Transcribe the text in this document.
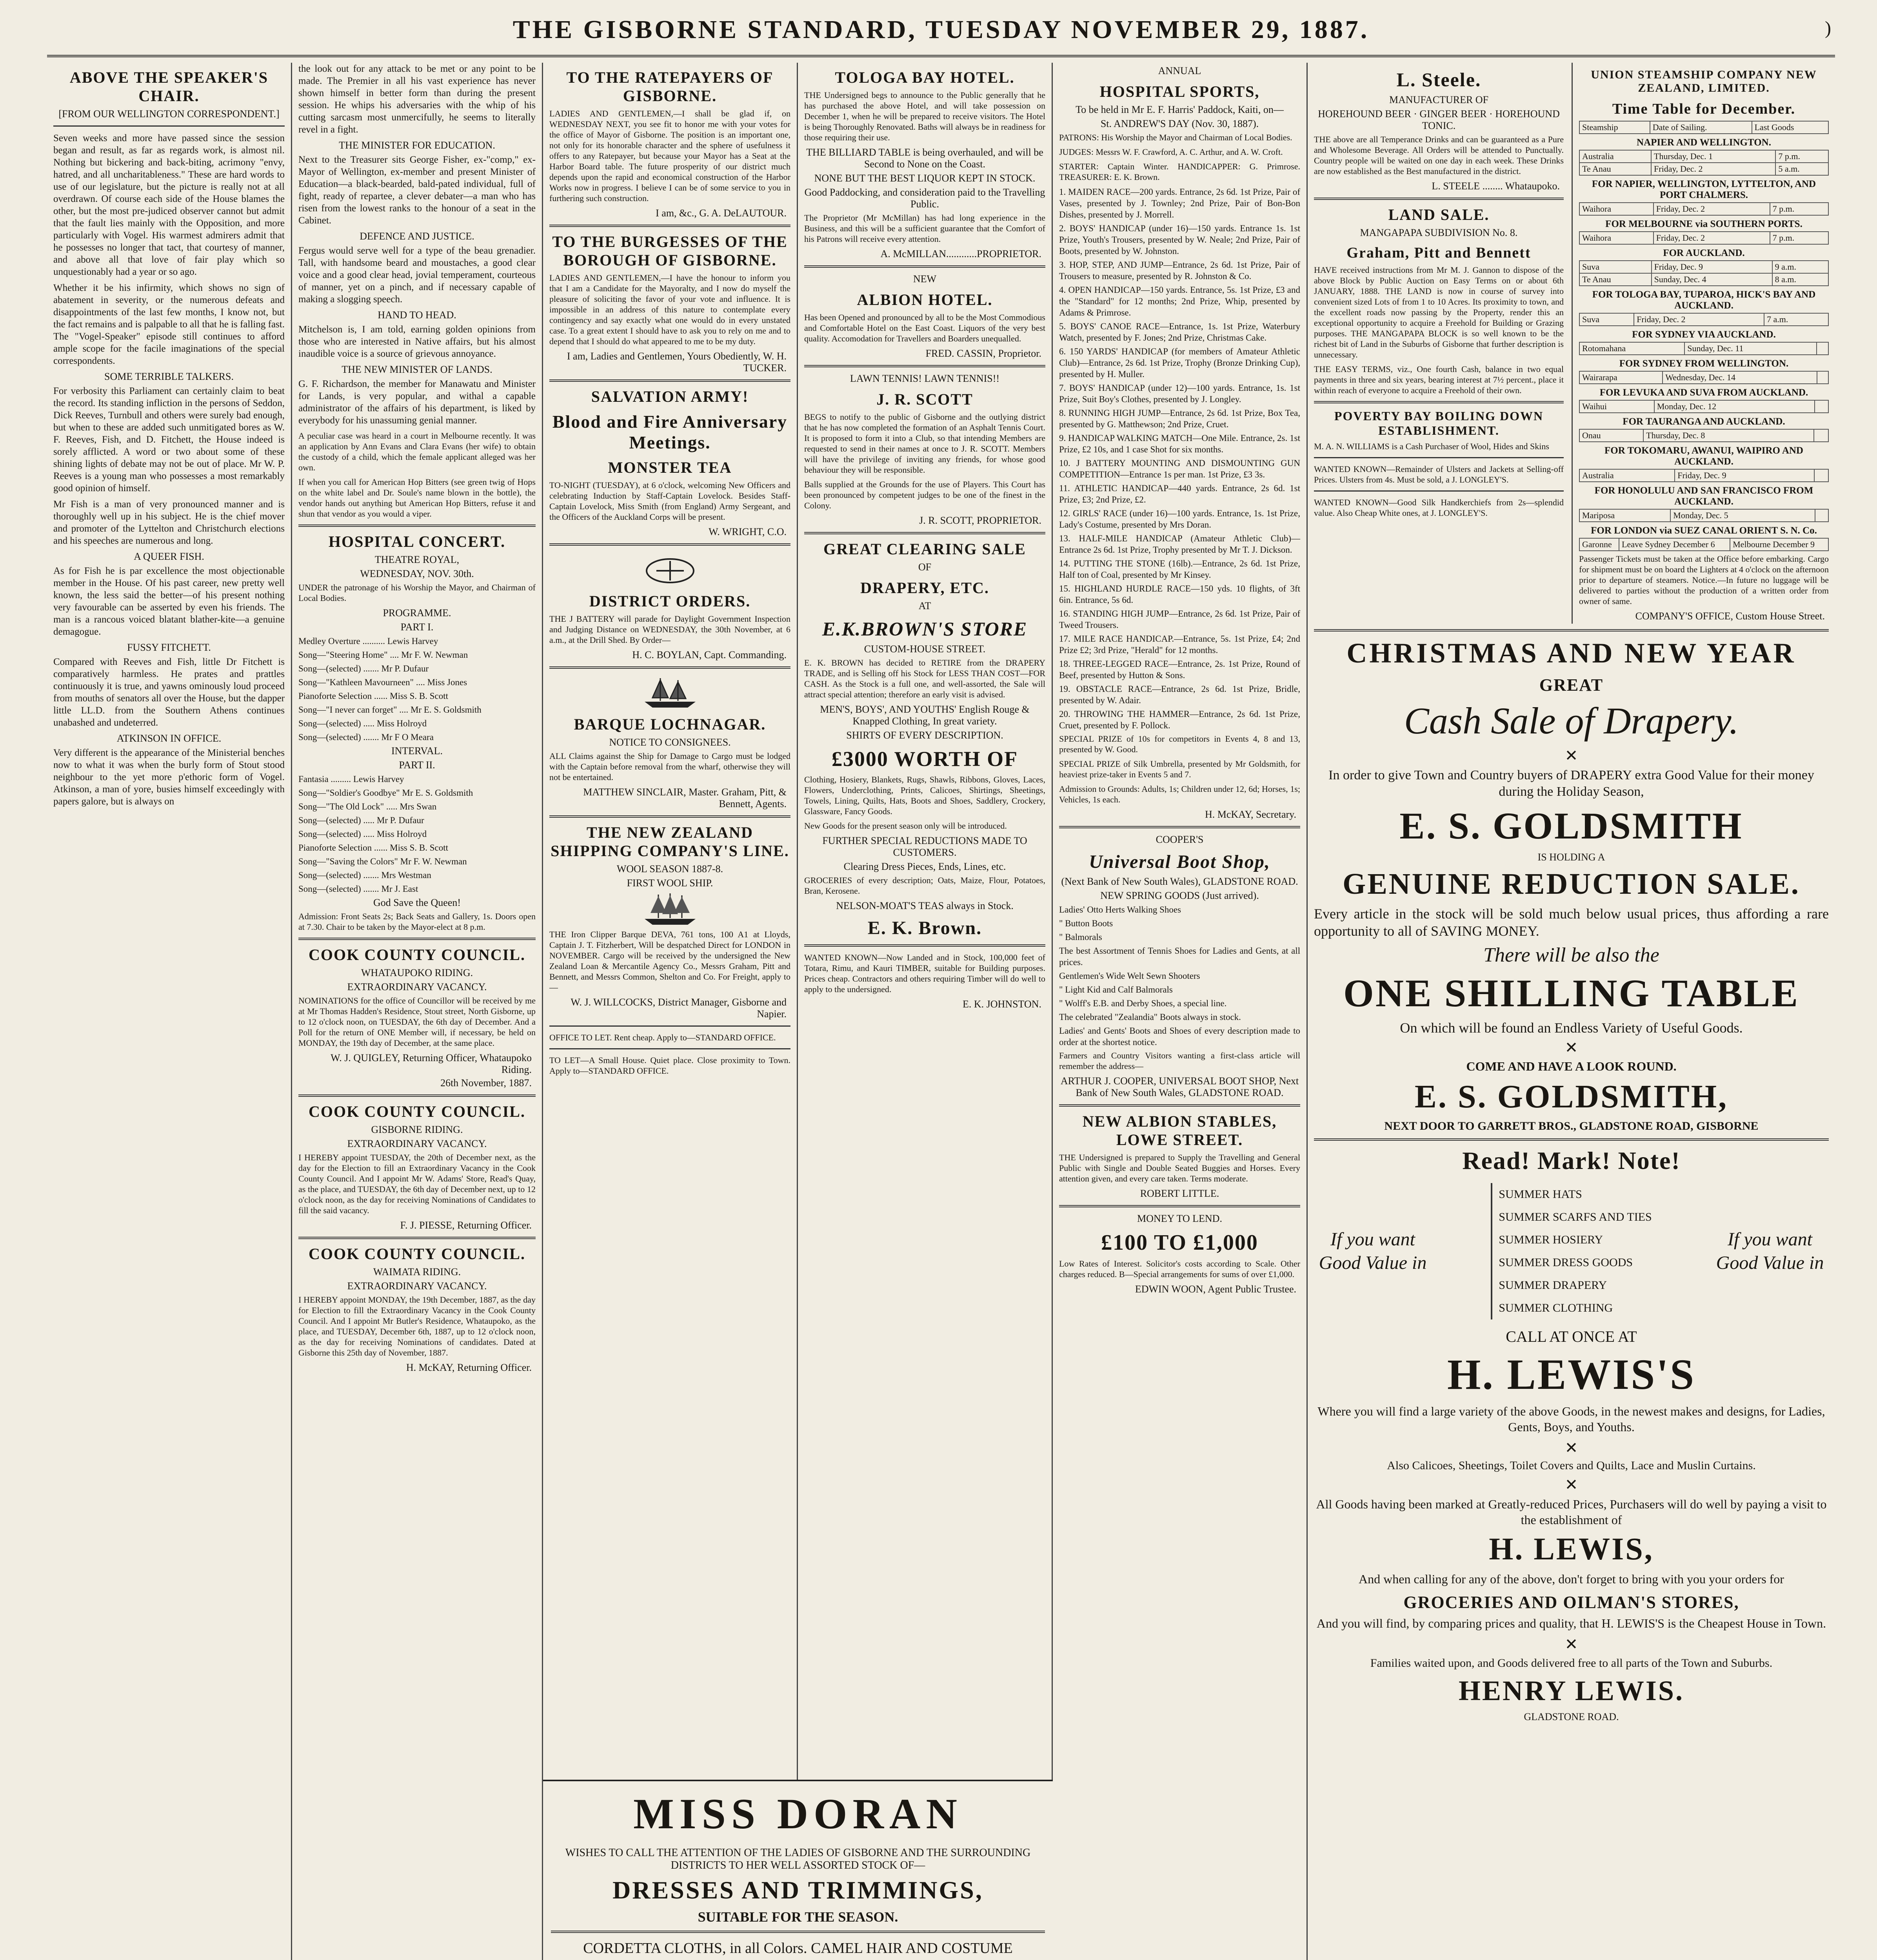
THE GISBORNE STANDARD, TUESDAY NOVEMBER 29, 1887.	)
ABOVE THE SPEAKER'S CHAIR.
[FROM OUR WELLINGTON CORRESPONDENT.]

Seven weeks and more have passed since the session began and result, as far as regards work, is almost nil. Nothing but bickering and back-biting, acrimony "envy, hatred, and all uncharitableness." These are hard words to use of our legislature, but the picture is really not at all overdrawn. Of course each side of the House blames the other, but the most pre-judiced observer cannot but admit that the fault lies mainly with the Opposition, and more particularly with Vogel. His warmest admirers admit that he possesses no longer that tact, that courtesy of manner, and above all that love of fair play which so unquestionably had a year or so ago.

Whether it be his infirmity, which shows no sign of abatement in severity, or the numerous defeats and disappointments of the last few months, I know not, but the fact remains and is palpable to all that he is falling fast. The "Vogel-Speaker" episode still continues to afford ample scope for the facile imaginations of the special correspondents.

SOME TERRIBLE TALKERS.

For verbosity this Parliament can certainly claim to beat the record. Its standing infliction in the persons of Seddon, Dick Reeves, Turnbull and others were surely bad enough, but when to these are added such unmitigated bores as W. F. Reeves, Fish, and D. Fitchett, the House indeed is sorely afflicted. A word or two about some of these shining lights of debate may not be out of place. Mr W. P. Reeves is a young man who possesses a most remarkably good opinion of himself.

Mr Fish is a man of very pronounced manner and is thoroughly well up in his subject. He is the chief mover and promoter of the Lyttelton and Christchurch elections and his speeches are numerous and long.

A QUEER FISH.

As for Fish he is par excellence the most objectionable member in the House. Of his past career, new pretty well known, the less said the better—of his present nothing very favourable can be asserted by even his friends. The man is a rancous voiced blatant blather-kite—a genuine demagogue.

FUSSY FITCHETT.

Compared with Reeves and Fish, little Dr Fitchett is comparatively harmless. He prates and prattles continuously it is true, and yawns ominously loud proceed from mouths of senators all over the House, but the dapper little LL.D. from the Southern Athens continues unabashed and undeterred.

ATKINSON IN OFFICE.

Very different is the appearance of the Ministerial benches now to what it was when the burly form of Stout stood neighbour to the yet more p'ethoric form of Vogel. Atkinson, a man of yore, busies himself exceedingly with papers galore, but is always on

the look out for any attack to be met or any point to be made. The Premier in all his vast experience has never shown himself in better form than during the present session. He whips his adversaries with the whip of his cutting sarcasm most unmercifully, he seems to literally revel in a fight.

THE MINISTER FOR EDUCATION.

Next to the Treasurer sits George Fisher, ex-"comp," ex-Mayor of Wellington, ex-member and present Minister of Education—a black-bearded, bald-pated individual, full of fight, ready of repartee, a clever debater—a man who has risen from the lowest ranks to the honour of a seat in the Cabinet.

DEFENCE AND JUSTICE.

Fergus would serve well for a type of the beau grenadier. Tall, with handsome beard and moustaches, a good clear voice and a good clear head, jovial temperament, courteous of manner, yet on a pinch, and if necessary capable of making a slogging speech.

HAND TO HEAD.

Mitchelson is, I am told, earning golden opinions from those who are interested in Native affairs, but his almost inaudible voice is a source of grievous annoyance.

THE NEW MINISTER OF LANDS.

G. F. Richardson, the member for Manawatu and Minister for Lands, is very popular, and withal a capable administrator of the affairs of his department, is liked by everybody for his unassuming genial manner.

A peculiar case was heard in a court in Melbourne recently. It was an application by Ann Evans and Clara Evans (her wife) to obtain the custody of a child, which the female applicant alleged was her own.

If when you call for American Hop Bitters (see green twig of Hops on the white label and Dr. Soule's name blown in the bottle), the vendor hands out anything but American Hop Bitters, refuse it and shun that vendor as you would a viper.

HOSPITAL CONCERT.
THEATRE ROYAL,
WEDNESDAY, NOV. 30th.

UNDER the patronage of his Worship the Mayor, and Chairman of Local Bodies.

PROGRAMME.
PART I.
Medley Overture .......... Lewis Harvey
Song—"Steering Home" .... Mr F. W. Newman
Song—(selected) ....... Mr P. Dufaur
Song—"Kathleen Mavourneen" .... Miss Jones
Pianoforte Selection ...... Miss S. B. Scott
Song—"I never can forget" .... Mr E. S. Goldsmith
Song—(selected) ..... Miss Holroyd
Song—(selected) ....... Mr F O Meara
INTERVAL.
PART II.
Fantasia ......... Lewis Harvey
Song—"Soldier's Goodbye" Mr E. S. Goldsmith
Song—"The Old Lock" ..... Mrs Swan
Song—(selected) ..... Mr P. Dufaur
Song—(selected) ..... Miss Holroyd
Pianoforte Selection ...... Miss S. B. Scott
Song—"Saving the Colors" Mr F. W. Newman
Song—(selected) ....... Mrs Westman
Song—(selected) ....... Mr J. East
God Save the Queen!

Admission: Front Seats 2s; Back Seats and Gallery, 1s. Doors open at 7.30. Chair to be taken by the Mayor-elect at 8 p.m.

COOK COUNTY COUNCIL.
WHATAUPOKO RIDING.
EXTRAORDINARY VACANCY.

NOMINATIONS for the office of Councillor will be received by me at Mr Thomas Hadden's Residence, Stout street, North Gisborne, up to 12 o'clock noon, on TUESDAY, the 6th day of December. And a Poll for the return of ONE Member will, if necessary, be held on MONDAY, the 19th day of December, at the same place.

W. J. QUIGLEY, Returning Officer, Whataupoko Riding.
26th November, 1887.
COOK COUNTY COUNCIL.
GISBORNE RIDING.
EXTRAORDINARY VACANCY.

I HEREBY appoint TUESDAY, the 20th of December next, as the day for the Election to fill an Extraordinary Vacancy in the Cook County Council. And I appoint Mr W. Adams' Store, Read's Quay, as the place, and TUESDAY, the 6th day of December next, up to 12 o'clock noon, as the day for receiving Nominations of Candidates to fill the said vacancy.

F. J. PIESSE, Returning Officer.
COOK COUNTY COUNCIL.
WAIMATA RIDING.
EXTRAORDINARY VACANCY.

I HEREBY appoint MONDAY, the 19th December, 1887, as the day for Election to fill the Extraordinary Vacancy in the Cook County Council. And I appoint Mr Butler's Residence, Whataupoko, as the place, and TUESDAY, December 6th, 1887, up to 12 o'clock noon, as the day for receiving Nominations of candidates. Dated at Gisborne this 25th day of November, 1887.

H. McKAY, Returning Officer.
TO THE RATEPAYERS OF GISBORNE.

LADIES AND GENTLEMEN,—I shall be glad if, on WEDNESDAY NEXT, you see fit to honor me with your votes for the office of Mayor of Gisborne. The position is an important one, not only for its honorable character and the sphere of usefulness it offers to any Ratepayer, but because your Mayor has a Seat at the Harbor Board table. The future prosperity of our district much depends upon the rapid and economical construction of the Harbor Works now in progress. I believe I can be of some service to you in furthering such construction.

I am, &c., G. A. DeLAUTOUR.
TO THE BURGESSES OF THE BOROUGH OF GISBORNE.

LADIES AND GENTLEMEN,—I have the honour to inform you that I am a Candidate for the Mayoralty, and I now do myself the pleasure of soliciting the favor of your vote and influence. It is impossible in an address of this nature to contemplate every contingency and say exactly what one would do in every unstated case. To a great extent I should have to ask you to rely on me and to depend that I should do what appeared to me to be my duty.

I am, Ladies and Gentlemen, Yours Obediently, W. H. TUCKER.
SALVATION ARMY!
Blood and Fire Anniversary Meetings.
MONSTER TEA

TO-NIGHT (TUESDAY), at 6 o'clock, welcoming New Officers and celebrating Induction by Staff-Captain Lovelock. Besides Staff-Captain Lovelock, Miss Smith (from England) Army Sergeant, and the Officers of the Auckland Corps will be present.

W. WRIGHT, C.O.
DISTRICT ORDERS.

THE J BATTERY will parade for Daylight Government Inspection and Judging Distance on WEDNESDAY, the 30th November, at 6 a.m., at the Drill Shed. By Order—

H. C. BOYLAN, Capt. Commanding.
BARQUE LOCHNAGAR.
NOTICE TO CONSIGNEES.

ALL Claims against the Ship for Damage to Cargo must be lodged with the Captain before removal from the wharf, otherwise they will not be entertained.

MATTHEW SINCLAIR, Master. Graham, Pitt, & Bennett, Agents.
THE NEW ZEALAND SHIPPING COMPANY'S LINE.
WOOL SEASON 1887-8.
FIRST WOOL SHIP.

THE Iron Clipper Barque DEVA, 761 tons, 100 A1 at Lloyds, Captain J. T. Fitzherbert, Will be despatched Direct for LONDON in NOVEMBER. Cargo will be received by the undersigned the New Zealand Loan & Mercantile Agency Co., Messrs Graham, Pitt and Bennett, and Messrs Common, Shelton and Co. For Freight, apply to—

W. J. WILLCOCKS, District Manager, Gisborne and Napier.

OFFICE TO LET. Rent cheap. Apply to—STANDARD OFFICE.

TO LET—A Small House. Quiet place. Close proximity to Town. Apply to—STANDARD OFFICE.

TOLOGA BAY HOTEL.

THE Undersigned begs to announce to the Public generally that he has purchased the above Hotel, and will take possession on December 1, when he will be prepared to receive visitors. The Hotel is being Thoroughly Renovated. Baths will always be in readiness for those requiring their use.

THE BILLIARD TABLE is being overhauled, and will be Second to None on the Coast.
NONE BUT THE BEST LIQUOR KEPT IN STOCK.
Good Paddocking, and consideration paid to the Travelling Public.

The Proprietor (Mr McMillan) has had long experience in the Business, and this will be a sufficient guarantee that the Comfort of his Patrons will receive every attention.

A. McMILLAN............PROPRIETOR.
NEW
ALBION HOTEL.

Has been Opened and pronounced by all to be the Most Commodious and Comfortable Hotel on the East Coast. Liquors of the very best quality. Accomodation for Travellers and Boarders unequalled.

FRED. CASSIN, Proprietor.
LAWN TENNIS! LAWN TENNIS!!
J. R. SCOTT

BEGS to notify to the public of Gisborne and the outlying district that he has now completed the formation of an Asphalt Tennis Court. It is proposed to form it into a Club, so that intending Members are requested to send in their names at once to J. R. SCOTT. Members will have the privilege of inviting any friends, for whose good behaviour they will be responsible.

Balls supplied at the Grounds for the use of Players. This Court has been pronounced by competent judges to be one of the finest in the Colony.

J. R. SCOTT, PROPRIETOR.
GREAT CLEARING SALE
OF
DRAPERY, ETC.
AT
E.K.BROWN'S STORE
CUSTOM-HOUSE STREET.

E. K. BROWN has decided to RETIRE from the DRAPERY TRADE, and is Selling off his Stock for LESS THAN COST—FOR CASH. As the Stock is a full one, and well-assorted, the Sale will attract special attention; therefore an early visit is advised.

MEN'S, BOYS', AND YOUTHS' English Rouge & Knapped Clothing, In great variety.
SHIRTS OF EVERY DESCRIPTION.
£3000 WORTH OF

Clothing, Hosiery, Blankets, Rugs, Shawls, Ribbons, Gloves, Laces, Flowers, Underclothing, Prints, Calicoes, Shirtings, Sheetings, Towels, Lining, Quilts, Hats, Boots and Shoes, Saddlery, Crockery, Glassware, Fancy Goods.

New Goods for the present season only will be introduced.

FURTHER SPECIAL REDUCTIONS MADE TO CUSTOMERS.
Clearing Dress Pieces, Ends, Lines, etc.

GROCERIES of every description; Oats, Maize, Flour, Potatoes, Bran, Kerosene.

NELSON-MOAT'S TEAS always in Stock.
E. K. Brown.

WANTED KNOWN—Now Landed and in Stock, 100,000 feet of Totara, Rimu, and Kauri TIMBER, suitable for Building purposes. Prices cheap. Contractors and others requiring Timber will do well to apply to the undersigned.

E. K. JOHNSTON.
ANNUAL
HOSPITAL SPORTS,
To be held in Mr E. F. Harris' Paddock, Kaiti, on—
St. ANDREW'S DAY (Nov. 30, 1887).

PATRONS: His Worship the Mayor and Chairman of Local Bodies.

JUDGES: Messrs W. F. Crawford, A. C. Arthur, and A. W. Croft.

STARTER: Captain Winter. HANDICAPPER: G. Primrose. TREASURER: E. K. Brown.

1. MAIDEN RACE—200 yards. Entrance, 2s 6d. 1st Prize, Pair of Vases, presented by J. Townley; 2nd Prize, Pair of Bon-Bon Dishes, presented by J. Morrell.
2. BOYS' HANDICAP (under 16)—150 yards. Entrance 1s. 1st Prize, Youth's Trousers, presented by W. Neale; 2nd Prize, Pair of Boots, presented by W. Johnston.
3. HOP, STEP, AND JUMP—Entrance, 2s 6d. 1st Prize, Pair of Trousers to measure, presented by R. Johnston & Co.
4. OPEN HANDICAP—150 yards. Entrance, 5s. 1st Prize, £3 and the "Standard" for 12 months; 2nd Prize, Whip, presented by Adams & Primrose.
5. BOYS' CANOE RACE—Entrance, 1s. 1st Prize, Waterbury Watch, presented by F. Jones; 2nd Prize, Christmas Cake.
6. 150 YARDS' HANDICAP (for members of Amateur Athletic Club)—Entrance, 2s 6d. 1st Prize, Trophy (Bronze Drinking Cup), presented by H. Muller.
7. BOYS' HANDICAP (under 12)—100 yards. Entrance, 1s. 1st Prize, Suit Boy's Clothes, presented by J. Longley.
8. RUNNING HIGH JUMP—Entrance, 2s 6d. 1st Prize, Box Tea, presented by G. Matthewson; 2nd Prize, Cruet.
9. HANDICAP WALKING MATCH—One Mile. Entrance, 2s. 1st Prize, £2 10s, and 1 case Shot for six months.
10. J BATTERY MOUNTING AND DISMOUNTING GUN COMPETITION—Entrance 1s per man. 1st Prize, £3 3s.
11. ATHLETIC HANDICAP—440 yards. Entrance, 2s 6d. 1st Prize, £3; 2nd Prize, £2.
12. GIRLS' RACE (under 16)—100 yards. Entrance, 1s. 1st Prize, Lady's Costume, presented by Mrs Doran.
13. HALF-MILE HANDICAP (Amateur Athletic Club)—Entrance 2s 6d. 1st Prize, Trophy presented by Mr T. J. Dickson.
14. PUTTING THE STONE (16lb).—Entrance, 2s 6d. 1st Prize, Half ton of Coal, presented by Mr Kinsey.
15. HIGHLAND HURDLE RACE—150 yds. 10 flights, of 3ft 6in. Entrance, 5s 6d.
16. STANDING HIGH JUMP—Entrance, 2s 6d. 1st Prize, Pair of Tweed Trousers.
17. MILE RACE HANDICAP.—Entrance, 5s. 1st Prize, £4; 2nd Prize £2; 3rd Prize, "Herald" for 12 months.
18. THREE-LEGGED RACE—Entrance, 2s. 1st Prize, Round of Beef, presented by Hutton & Sons.
19. OBSTACLE RACE—Entrance, 2s 6d. 1st Prize, Bridle, presented by W. Adair.
20. THROWING THE HAMMER—Entrance, 2s 6d. 1st Prize, Cruet, presented by F. Pollock.

SPECIAL PRIZE of 10s for competitors in Events 4, 8 and 13, presented by W. Good.

SPECIAL PRIZE of Silk Umbrella, presented by Mr Goldsmith, for heaviest prize-taker in Events 5 and 7.

Admission to Grounds: Adults, 1s; Children under 12, 6d; Horses, 1s; Vehicles, 1s each.

H. McKAY, Secretary.
COOPER'S
Universal Boot Shop,
(Next Bank of New South Wales), GLADSTONE ROAD.
NEW SPRING GOODS (Just arrived).
Ladies' Otto Herts Walking Shoes
" Button Boots
" Balmorals
The best Assortment of Tennis Shoes for Ladies and Gents, at all prices.
Gentlemen's Wide Welt Sewn Shooters
" Light Kid and Calf Balmorals
" Wolff's E.B. and Derby Shoes, a special line.
The celebrated "Zealandia" Boots always in stock.
Ladies' and Gents' Boots and Shoes of every description made to order at the shortest notice.

Farmers and Country Visitors wanting a first-class article will remember the address—

ARTHUR J. COOPER, UNIVERSAL BOOT SHOP, Next Bank of New South Wales, GLADSTONE ROAD.
NEW ALBION STABLES, LOWE STREET.

THE Undersigned is prepared to Supply the Travelling and General Public with Single and Double Seated Buggies and Horses. Every attention given, and every care taken. Terms moderate.

ROBERT LITTLE.
MONEY TO LEND.
£100 TO £1,000

Low Rates of Interest. Solicitor's costs according to Scale. Other charges reduced. B—Special arrangements for sums of over £1,000.

EDWIN WOON, Agent Public Trustee.
L. Steele.
MANUFACTURER OF
HOREHOUND BEER · GINGER BEER · HOREHOUND TONIC.

THE above are all Temperance Drinks and can be guaranteed as a Pure and Wholesome Beverage. All Orders will be attended to Punctually. Country people will be waited on one day in each week. These Drinks are now established as the Best manufactured in the district.

L. STEELE ........ Whataupoko.
LAND SALE.
MANGAPAPA SUBDIVISION No. 8.
Graham, Pitt and Bennett

HAVE received instructions from Mr M. J. Gannon to dispose of the above Block by Public Auction on Easy Terms on or about 6th JANUARY, 1888. THE LAND is now in course of survey into convenient sized Lots of from 1 to 10 Acres. Its proximity to town, and the excellent roads now passing by the Property, render this an exceptional opportunity to acquire a Freehold for Building or Grazing purposes. THE MANGAPAPA BLOCK is so well known to be the richest bit of Land in the Suburbs of Gisborne that further description is unnecessary.

THE EASY TERMS, viz., One fourth Cash, balance in two equal payments in three and six years, bearing interest at 7½ percent., place it within reach of everyone to acquire a Freehold of their own.

POVERTY BAY BOILING DOWN ESTABLISHMENT.

M. A. N. WILLIAMS is a Cash Purchaser of Wool, Hides and Skins

WANTED KNOWN—Remainder of Ulsters and Jackets at Selling-off Prices. Ulsters from 4s. Must be sold, a J. LONGLEY'S.

WANTED KNOWN—Good Silk Handkerchiefs from 2s—splendid value. Also Cheap White ones, at J. LONGLEY'S.

UNION STEAMSHIP COMPANY NEW ZEALAND, LIMITED.
Time Table for December.
Steamship	Date of Sailing.	Last Goods
NAPIER AND WELLINGTON.
Australia	Thursday, Dec. 1	7 p.m.
Te Anau	Friday, Dec. 2	5 a.m.
FOR NAPIER, WELLINGTON, LYTTELTON, AND PORT CHALMERS.
Waihora	Friday, Dec. 2	7 p.m.
FOR MELBOURNE via SOUTHERN PORTS.
Waihora	Friday, Dec. 2	7 p.m.
FOR AUCKLAND.
Suva	Friday, Dec. 9	9 a.m.
Te Anau	Sunday, Dec. 4	8 a.m.
FOR TOLOGA BAY, TUPAROA, HICK'S BAY AND AUCKLAND.
Suva	Friday, Dec. 2	7 a.m.
FOR SYDNEY VIA AUCKLAND.
Rotomahana	Sunday, Dec. 11	
FOR SYDNEY FROM WELLINGTON.
Wairarapa	Wednesday, Dec. 14	
FOR LEVUKA AND SUVA FROM AUCKLAND.
Waihui	Monday, Dec. 12	
FOR TAURANGA AND AUCKLAND.
Onau	Thursday, Dec. 8	
FOR TOKOMARU, AWANUI, WAIPIRO AND AUCKLAND.
Australia	Friday, Dec. 9	
FOR HONOLULU AND SAN FRANCISCO FROM AUCKLAND.
Mariposa	Monday, Dec. 5	
FOR LONDON via SUEZ CANAL ORIENT S. N. Co.
Garonne	Leave Sydney December 6	Melbourne December 9

Passenger Tickets must be taken at the Office before embarking. Cargo for shipment must be on board the Lighters at 4 o'clock on the afternoon prior to departure of steamers. Notice.—In future no luggage will be delivered to parties without the production of a written order from owner of same.

COMPANY'S OFFICE, Custom House Street.
CHRISTMAS AND NEW YEAR
GREAT
Cash Sale of Drapery.
✕

In order to give Town and Country buyers of DRAPERY extra Good Value for their money during the Holiday Season,

E. S. GOLDSMITH
IS HOLDING A
GENUINE REDUCTION SALE.

Every article in the stock will be sold much below usual prices, thus affording a rare opportunity to all of SAVING MONEY.

There will be also the
ONE SHILLING TABLE
On which will be found an Endless Variety of Useful Goods.
✕
COME AND HAVE A LOOK ROUND.
E. S. GOLDSMITH,
NEXT DOOR TO GARRETT BROS., GLADSTONE ROAD, GISBORNE
Read! Mark! Note!
If you want Good Value in
SUMMER HATS
SUMMER SCARFS AND TIES
SUMMER HOSIERY
SUMMER DRESS GOODS
SUMMER DRAPERY
SUMMER CLOTHING
If you want Good Value in
CALL AT ONCE AT
H. LEWIS'S

Where you will find a large variety of the above Goods, in the newest makes and designs, for Ladies, Gents, Boys, and Youths.

✕

Also Calicoes, Sheetings, Toilet Covers and Quilts, Lace and Muslin Curtains.

✕

All Goods having been marked at Greatly-reduced Prices, Purchasers will do well by paying a visit to the establishment of

H. LEWIS,

And when calling for any of the above, don't forget to bring with you your orders for

GROCERIES AND OILMAN'S STORES,

And you will find, by comparing prices and quality, that H. LEWIS'S is the Cheapest House in Town.

✕

Families waited upon, and Goods delivered free to all parts of the Town and Suburbs.

HENRY LEWIS.
GLADSTONE ROAD.
MISS DORAN
WISHES TO CALL THE ATTENTION OF THE LADIES OF GISBORNE AND THE SURROUNDING DISTRICTS TO HER WELL ASSORTED STOCK OF—
DRESSES AND TRIMMINGS,
SUITABLE FOR THE SEASON.

CORDETTA CLOTHS, in all Colors. CAMEL HAIR AND COSTUME
